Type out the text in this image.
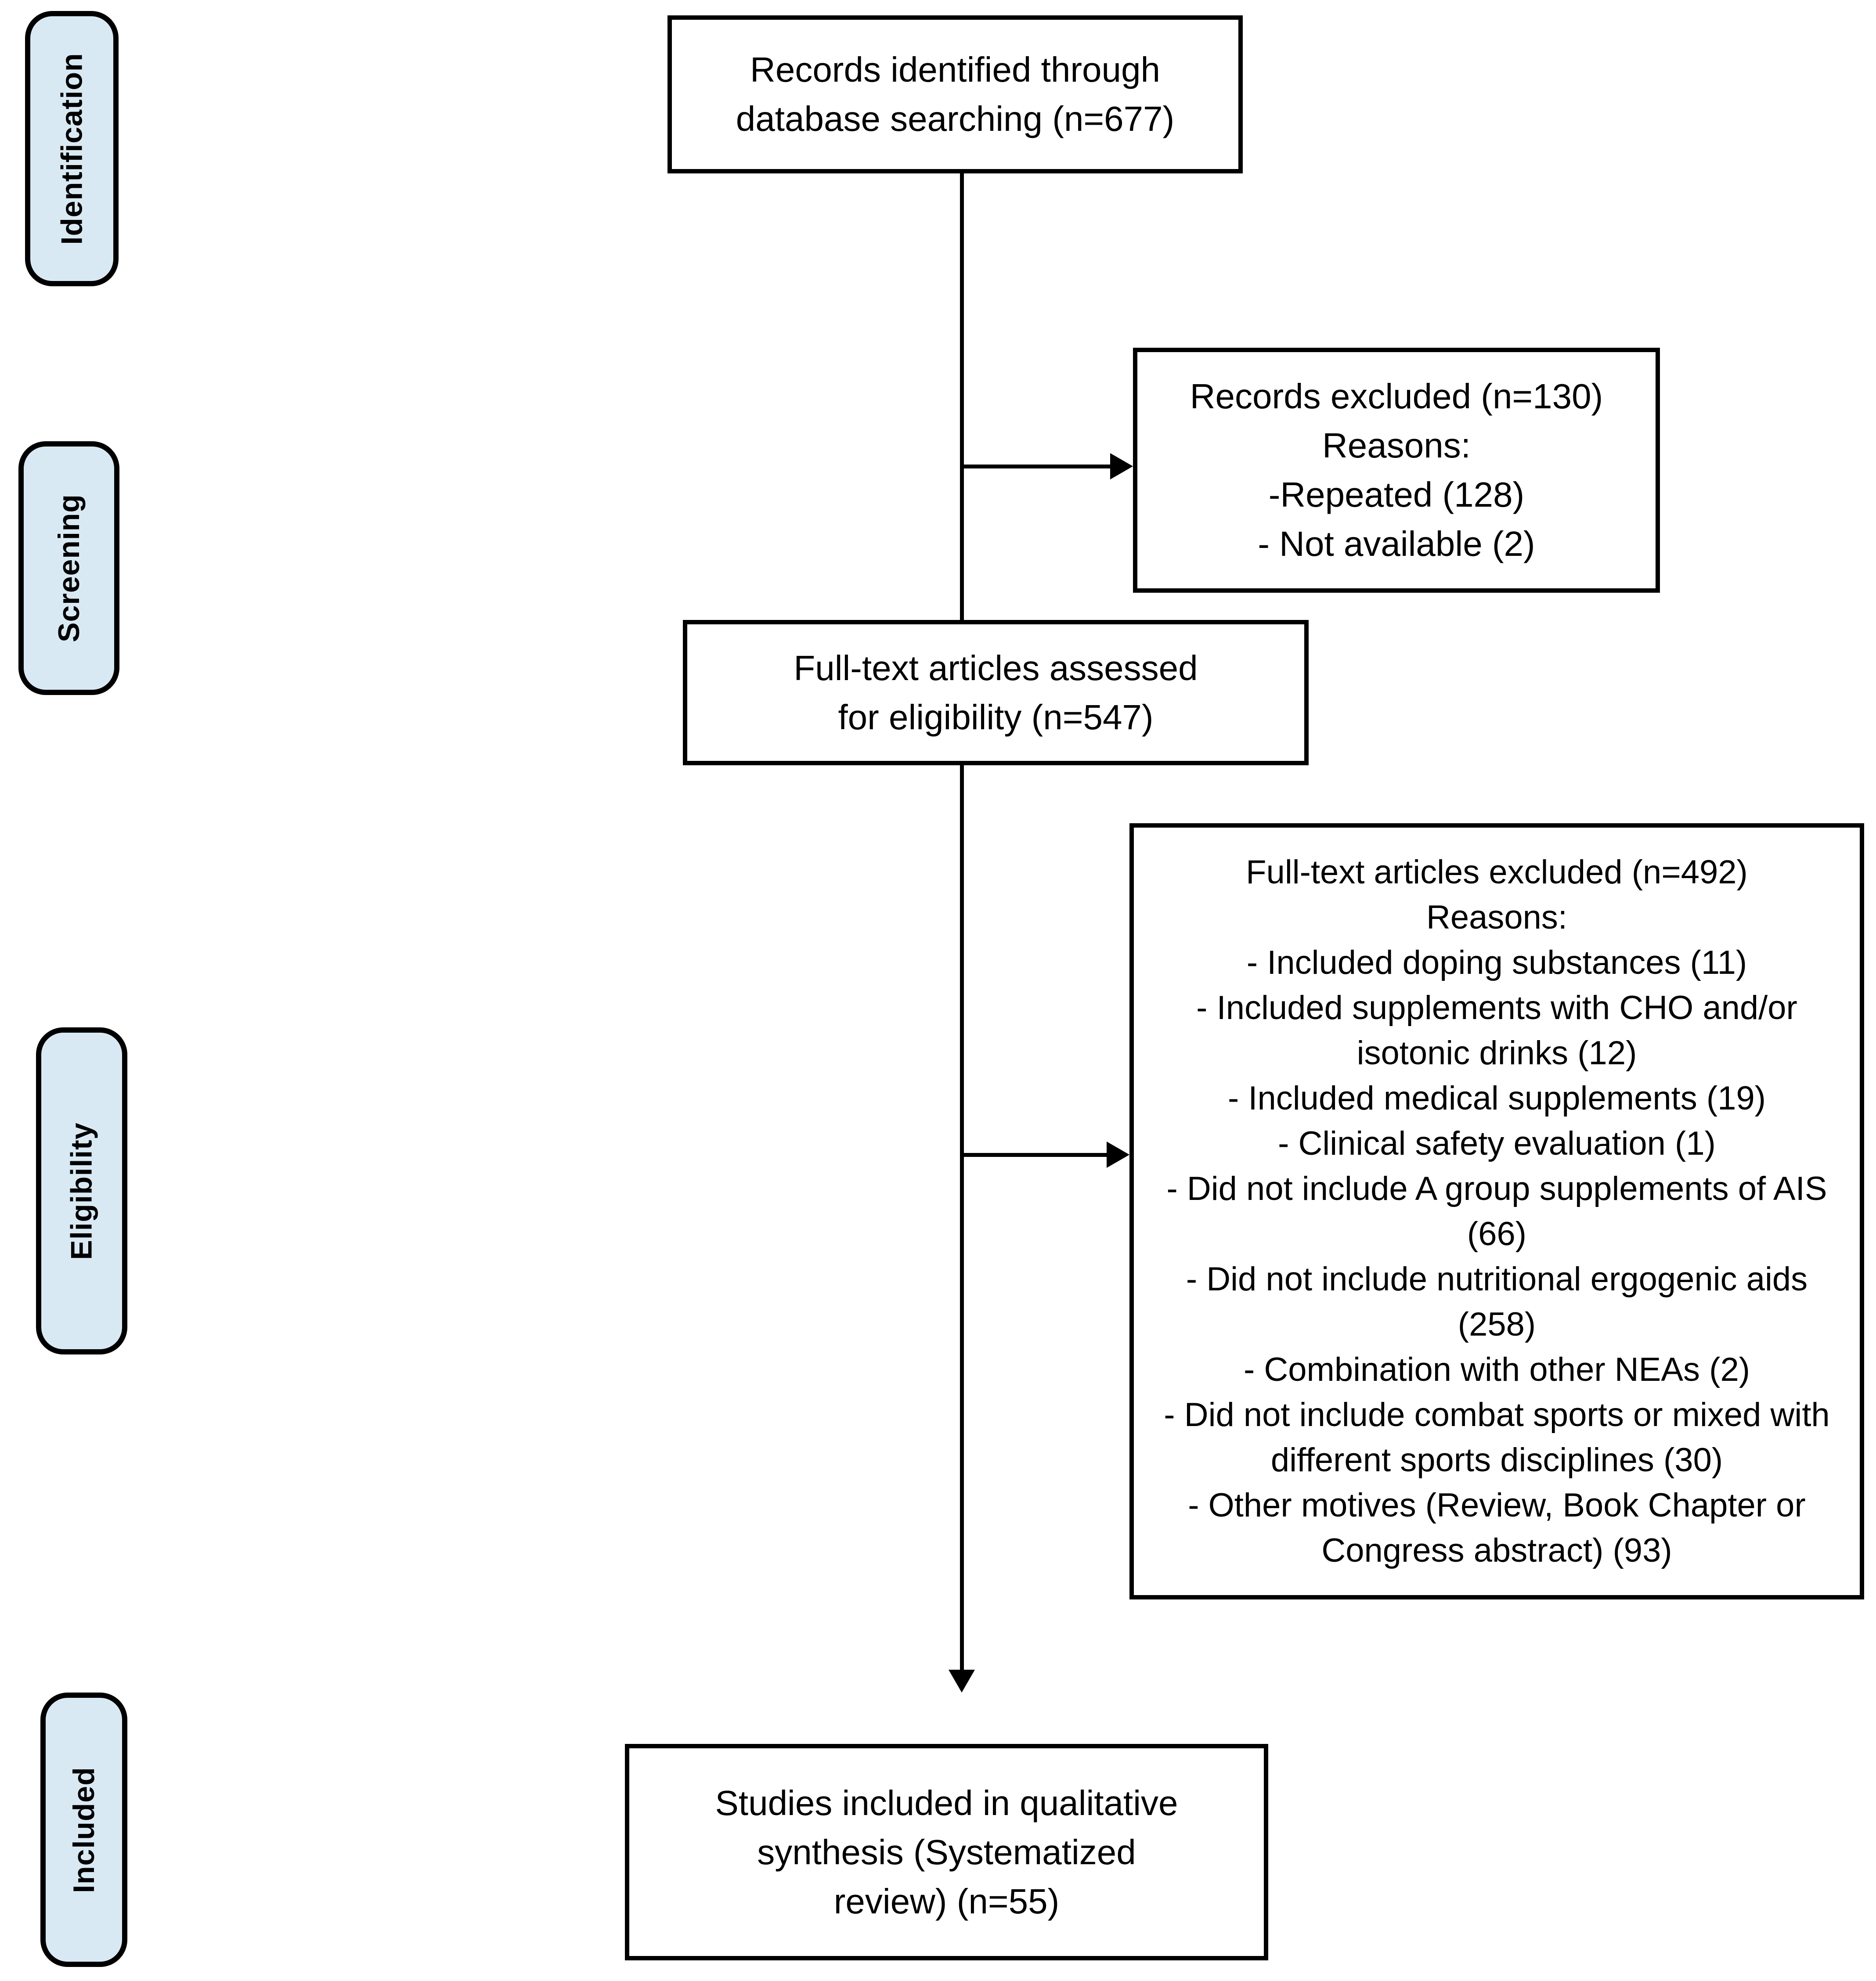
Identification
Screening
Eligibility
Included
Records identified through
database searching (n=677)
Records excluded (n=130)
Reasons:
-Repeated (128)
- Not available (2)
Full-text articles assessed
for eligibility (n=547)
Full-text articles excluded (n=492)
Reasons:
- Included doping substances (11)
- Included supplements with CHO and/or isotonic drinks (12)
- Included medical supplements (19)
- Clinical safety evaluation (1)
- Did not include A group supplements of AIS (66)
- Did not include nutritional ergogenic aids (258)
- Combination with other NEAs (2)
- Did not include combat sports or mixed with different sports disciplines (30)
- Other motives (Review, Book Chapter or Congress abstract) (93)
Studies included in qualitative
synthesis (Systematized
review) (n=55)
